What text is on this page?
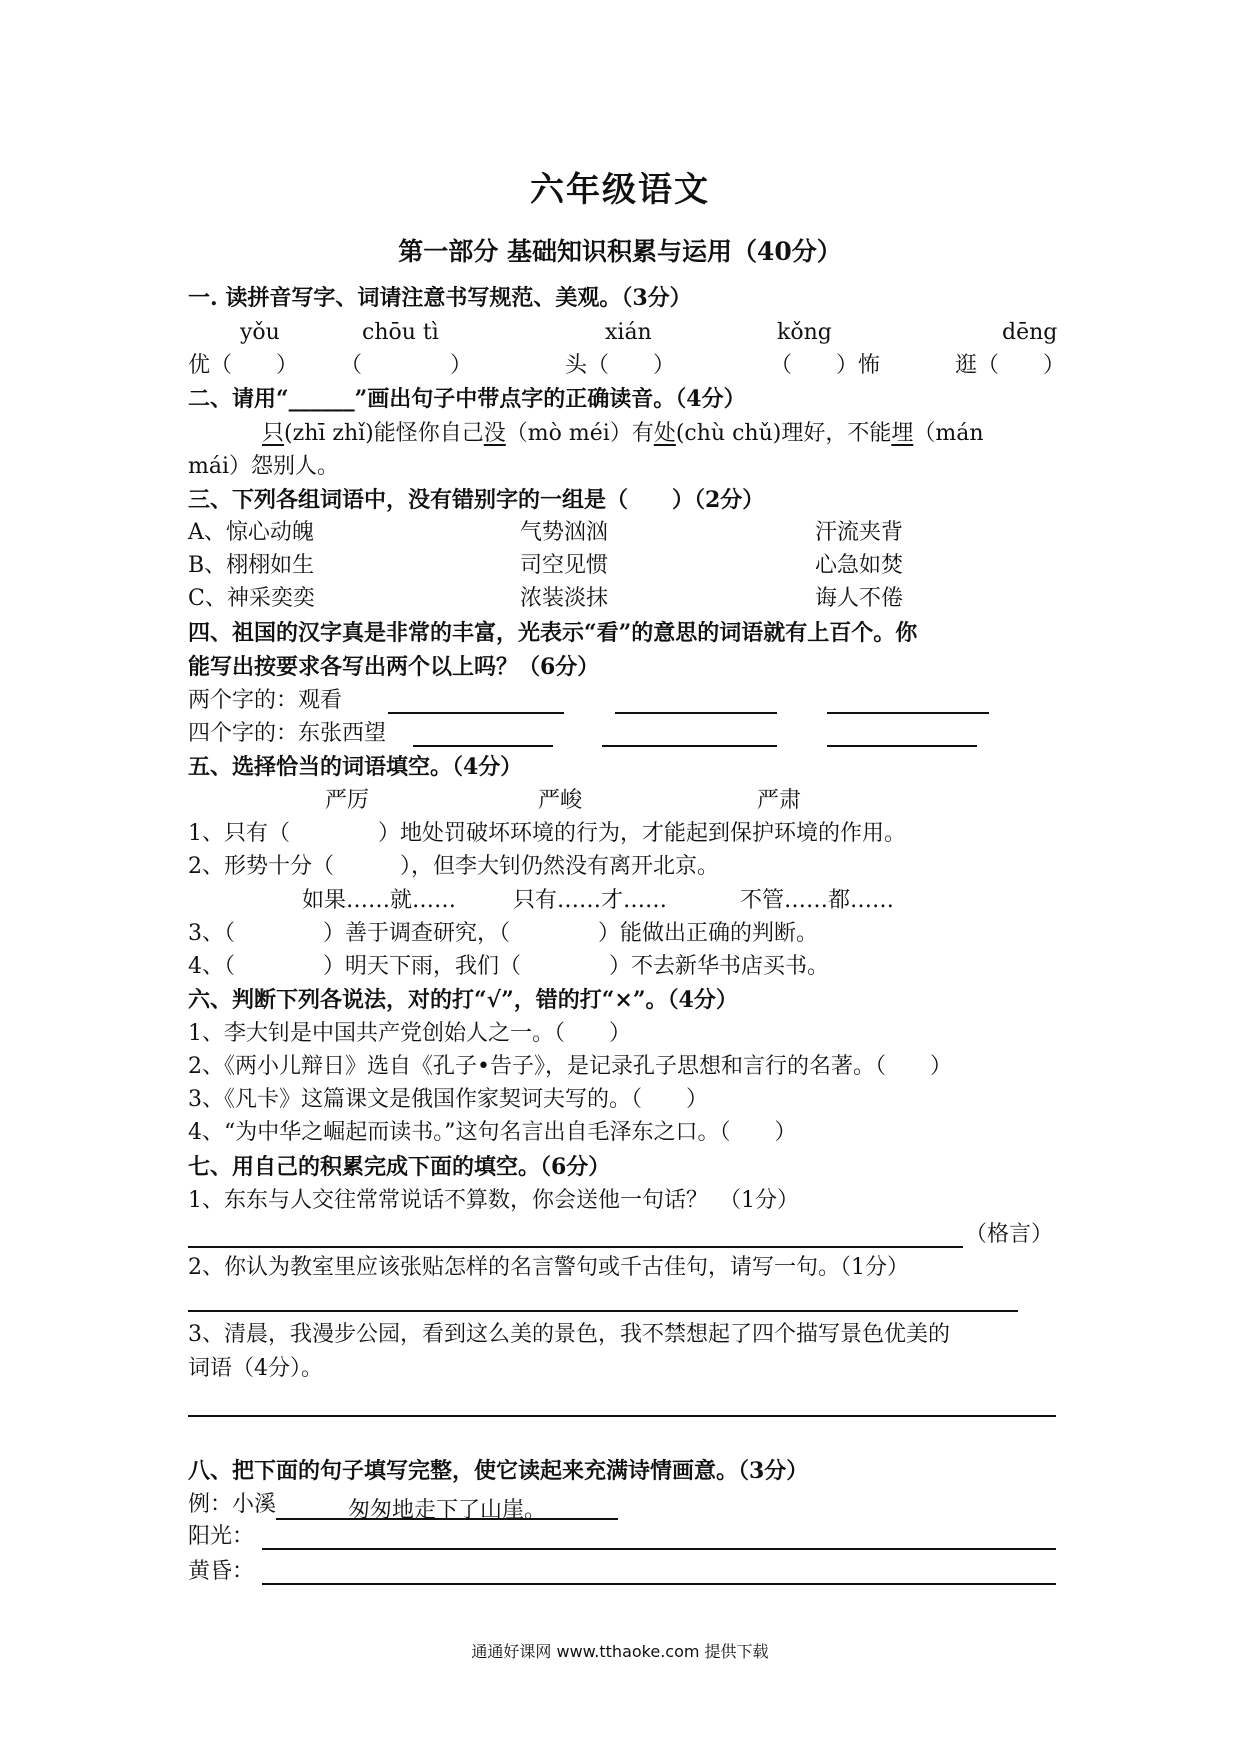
六年级语文
第一部分 基础知识积累与运用（40分）
一. 读拼音写字、词请注意书写规范、美观。（3分）
yǒu	chōu tì	xián	kǒng	dēng
优（　　） （　　　　）	头（　　）	（　　）怖	逛（　　）
二、请用“______”画出句子中带点字的正确读音。（4分）
只(zhī zhǐ)能怪你自己没（mò méi）有处(chù chǔ)理好，不能埋（mán
mái）怨别人。
三、下列各组词语中，没有错别字的一组是（　　）（2分）
A、惊心动魄	气势汹汹	汗流夹背
B、栩栩如生	司空见惯	心急如焚
C、神采奕奕	浓装淡抹	诲人不倦
四、祖国的汉字真是非常的丰富，光表示“看”的意思的词语就有上百个。你
能写出按要求各写出两个以上吗？（6分）
两个字的：观看
四个字的：东张西望
五、选择恰当的词语填空。（4分）
严厉	严峻	严肃
1、只有（　　　　）地处罚破坏环境的行为，才能起到保护环境的作用。
2、形势十分（　　　），但李大钊仍然没有离开北京。
如果……就……	只有……才……	不管……都……
3、（　　　　）善于调查研究，（　　　　）能做出正确的判断。
4、（　　　　）明天下雨，我们（　　　　）不去新华书店买书。
六、判断下列各说法，对的打“√”，错的打“×”。（4分）
1、李大钊是中国共产党创始人之一。（　　）
2、《两小儿辩日》选自《孔子•告子》，是记录孔子思想和言行的名著。（　　）
3、《凡卡》这篇课文是俄国作家契诃夫写的。（　　）
4、“为中华之崛起而读书。”这句名言出自毛泽东之口。（　　）
七、用自己的积累完成下面的填空。（6分）
1、东东与人交往常常说话不算数，你会送他一句话？　（1分）
（格言）
2、你认为教室里应该张贴怎样的名言警句或千古佳句，请写一句。（1分）
3、清晨，我漫步公园，看到这么美的景色，我不禁想起了四个描写景色优美的
词语（4分）。
八、把下面的句子填写完整，使它读起来充满诗情画意。（3分）
例：小溪	匆匆地走下了山崖。
阳光：
黄昏：
通通好课网 www.tthaoke.com 提供下载
